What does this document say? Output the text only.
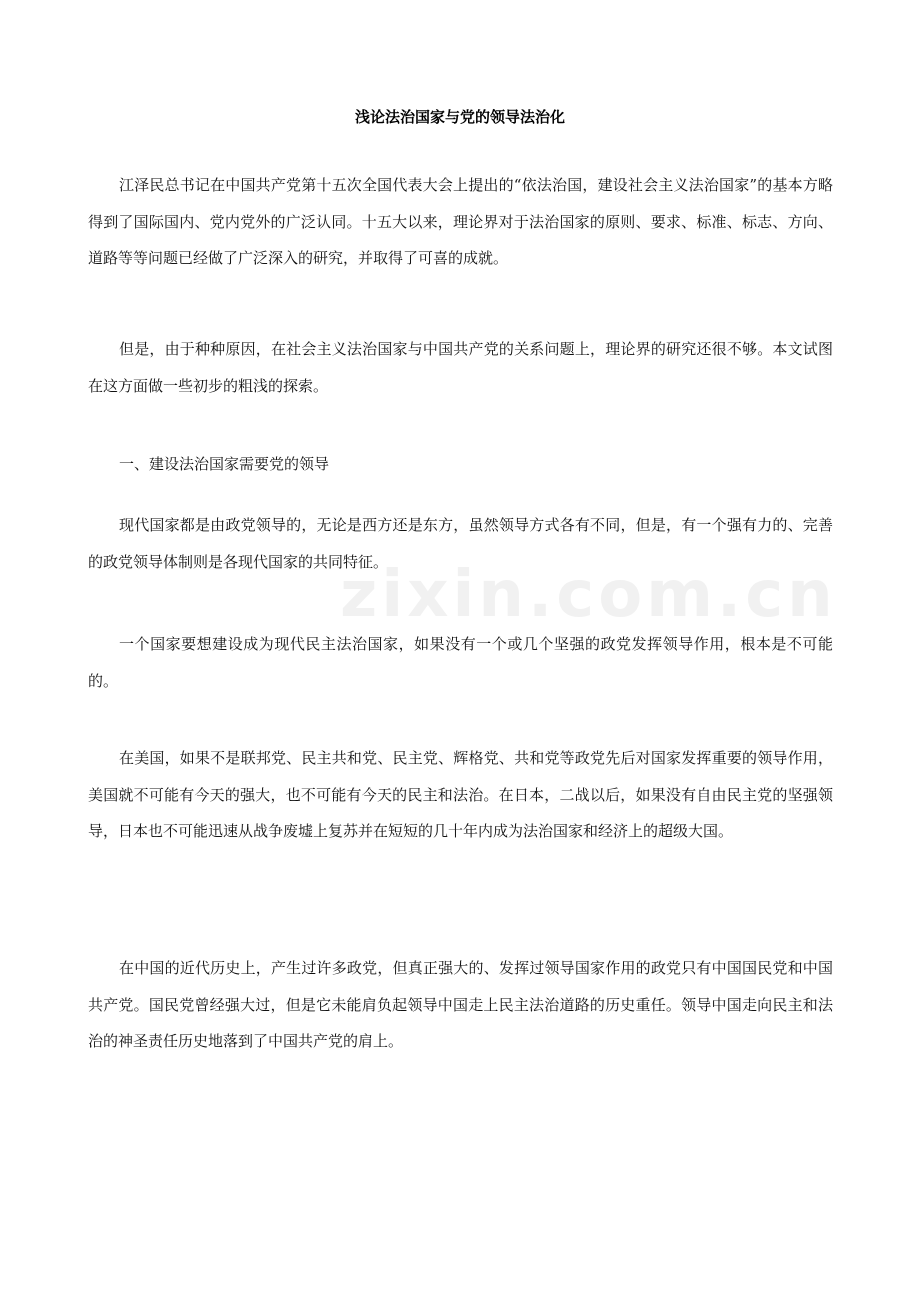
zixin.com.cn
浅论法治国家与党的领导法治化

江泽民总书记在中国共产党第十五次全国代表大会上提出的“依法治国，建设社会主义法治国家”的基本方略得到了国际国内、党内党外的广泛认同。十五大以来，理论界对于法治国家的原则、要求、标准、标志、方向、道路等等问题已经做了广泛深入的研究，并取得了可喜的成就。

但是，由于种种原因，在社会主义法治国家与中国共产党的关系问题上，理论界的研究还很不够。本文试图在这方面做一些初步的粗浅的探索。

一、建设法治国家需要党的领导

现代国家都是由政党领导的，无论是西方还是东方，虽然领导方式各有不同，但是，有一个强有力的、完善的政党领导体制则是各现代国家的共同特征。

一个国家要想建设成为现代民主法治国家，如果没有一个或几个坚强的政党发挥领导作用，根本是不可能的。

在美国，如果不是联邦党、民主共和党、民主党、辉格党、共和党等政党先后对国家发挥重要的领导作用，美国就不可能有今天的强大，也不可能有今天的民主和法治。在日本，二战以后，如果没有自由民主党的坚强领导，日本也不可能迅速从战争废墟上复苏并在短短的几十年内成为法治国家和经济上的超级大国。

在中国的近代历史上，产生过许多政党，但真正强大的、发挥过领导国家作用的政党只有中国国民党和中国共产党。国民党曾经强大过，但是它未能肩负起领导中国走上民主法治道路的历史重任。领导中国走向民主和法治的神圣责任历史地落到了中国共产党的肩上。
